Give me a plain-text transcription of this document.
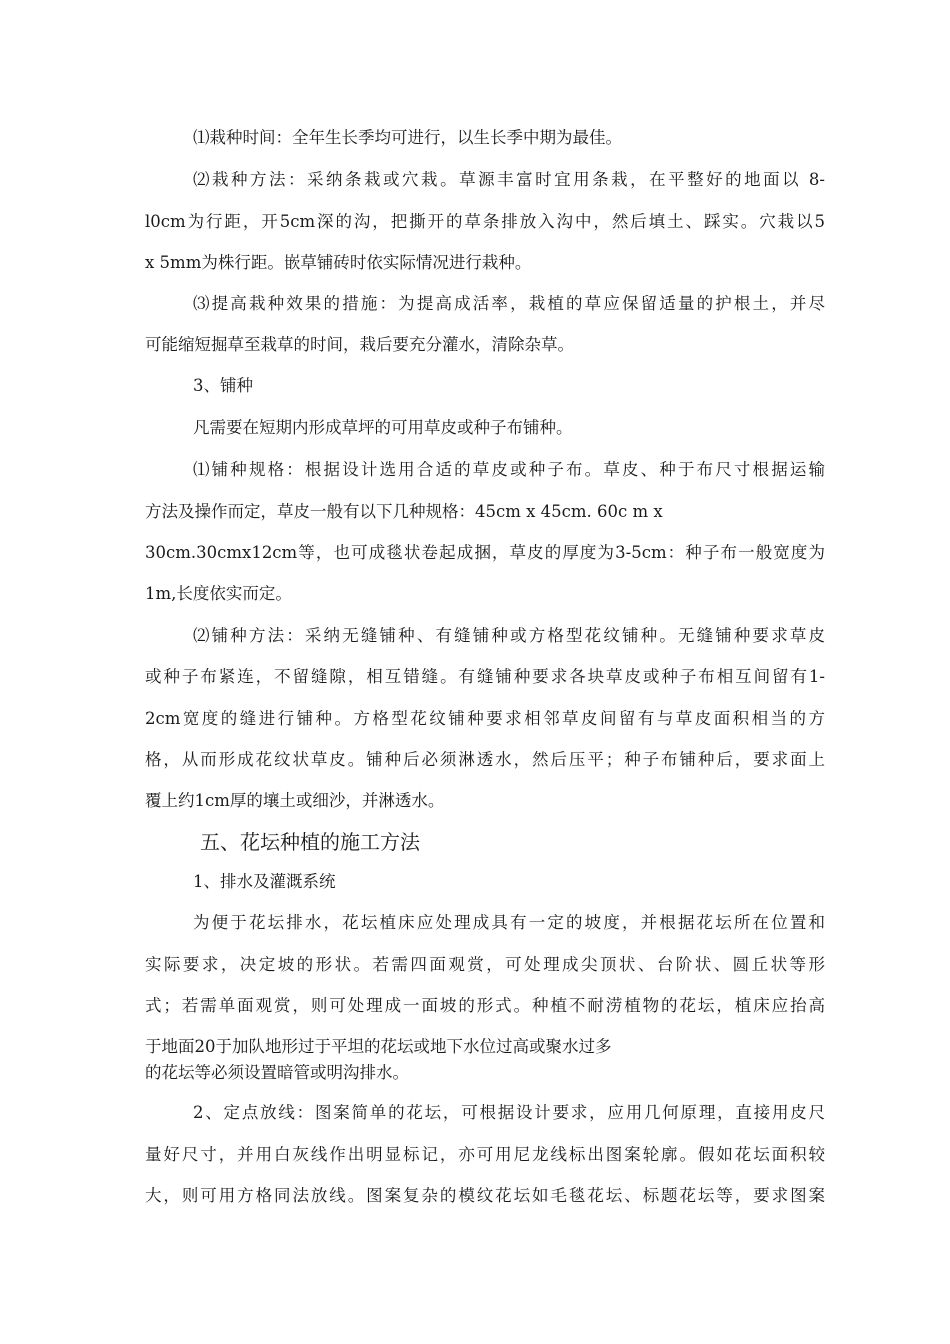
⑴栽种时间：全年生长季均可进行，以生长季中期为最佳。
⑵栽种方法：采纳条栽或穴栽。草源丰富时宜用条栽，在平整好的地面以 8-
l0cm为行距，开5cm深的沟，把撕开的草条排放入沟中，然后填土、踩实。穴栽以5
x 5mm为株行距。嵌草铺砖时依实际情况进行栽种。
⑶提高栽种效果的措施：为提高成活率，栽植的草应保留适量的护根土，并尽
可能缩短掘草至栽草的时间，栽后要充分灌水，清除杂草。
3、铺种
凡需要在短期内形成草坪的可用草皮或种子布铺种。
⑴铺种规格：根据设计选用合适的草皮或种子布。草皮、种于布尺寸根据运输
方法及操作而定，草皮一般有以下几种规格：45cm x 45cm. 60c m x
30cm.30cmx12cm等，也可成毯状卷起成捆，草皮的厚度为3-5cm：种子布一般宽度为
1m,长度依实而定。
⑵铺种方法：采纳无缝铺种、有缝铺种或方格型花纹铺种。无缝铺种要求草皮
或种子布紧连，不留缝隙，相互错缝。有缝铺种要求各块草皮或种子布相互间留有1-
2cm宽度的缝进行铺种。方格型花纹铺种要求相邻草皮间留有与草皮面积相当的方
格，从而形成花纹状草皮。铺种后必须淋透水，然后压平；种子布铺种后，要求面上
覆上约1cm厚的壤土或细沙，并淋透水。
五、花坛种植的施工方法
1、排水及灌溉系统
为便于花坛排水，花坛植床应处理成具有一定的坡度，并根据花坛所在位置和
实际要求，决定坡的形状。若需四面观赏，可处理成尖顶状、台阶状、圆丘状等形
式；若需单面观赏，则可处理成一面坡的形式。种植不耐涝植物的花坛，植床应抬高
于地面20于加队地形过于平坦的花坛或地下水位过高或聚水过多
的花坛等必须设置暗管或明沟排水。
2、定点放线：图案简单的花坛，可根据设计要求，应用几何原理，直接用皮尺
量好尺寸，并用白灰线作出明显标记，亦可用尼龙线标出图案轮廓。假如花坛面积较
大，则可用方格同法放线。图案复杂的模纹花坛如毛毯花坛、标题花坛等，要求图案
